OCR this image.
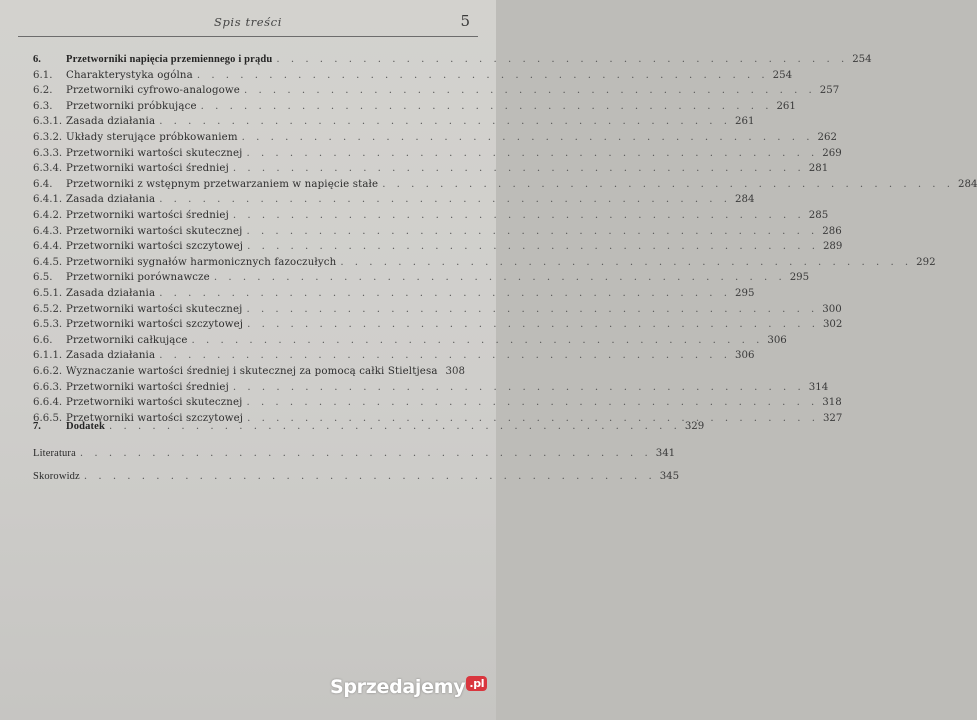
Spis treści	5
6.	Przetworniki napięcia przemiennego i prądu . . . . . . . . . . . . . . . . . . . . . . . . . . . . . . . . . . . . . . . . 254
6.1.	Charakterystyka ogólna . . . . . . . . . . . . . . . . . . . . . . . . . . . . . . . . . . . . . . . . 254
6.2.	Przetworniki cyfrowo-analogowe . . . . . . . . . . . . . . . . . . . . . . . . . . . . . . . . . . . . . . . . 257
6.3.	Przetworniki próbkujące . . . . . . . . . . . . . . . . . . . . . . . . . . . . . . . . . . . . . . . . 261
6.3.1. Zasada działania . . . . . . . . . . . . . . . . . . . . . . . . . . . . . . . . . . . . . . . . 261
6.3.2. Układy sterujące próbkowaniem . . . . . . . . . . . . . . . . . . . . . . . . . . . . . . . . . . . . . . . . 262
6.3.3. Przetworniki wartości skutecznej . . . . . . . . . . . . . . . . . . . . . . . . . . . . . . . . . . . . . . . . 269
6.3.4. Przetworniki wartości średniej . . . . . . . . . . . . . . . . . . . . . . . . . . . . . . . . . . . . . . . . 281
6.4.	Przetworniki z wstępnym przetwarzaniem w napięcie stałe . . . . . . . . . . . . . . . . . . . . . . . . . . . . . . . . . . . . . . . . 284
6.4.1. Zasada działania . . . . . . . . . . . . . . . . . . . . . . . . . . . . . . . . . . . . . . . . 284
6.4.2. Przetworniki wartości średniej . . . . . . . . . . . . . . . . . . . . . . . . . . . . . . . . . . . . . . . . 285
6.4.3. Przetworniki wartości skutecznej . . . . . . . . . . . . . . . . . . . . . . . . . . . . . . . . . . . . . . . . 286
6.4.4. Przetworniki wartości szczytowej . . . . . . . . . . . . . . . . . . . . . . . . . . . . . . . . . . . . . . . . 289
6.4.5. Przetworniki sygnałów harmonicznych fazoczułych . . . . . . . . . . . . . . . . . . . . . . . . . . . . . . . . . . . . . . . . 292
6.5.	Przetworniki porównawcze . . . . . . . . . . . . . . . . . . . . . . . . . . . . . . . . . . . . . . . . 295
6.5.1. Zasada działania . . . . . . . . . . . . . . . . . . . . . . . . . . . . . . . . . . . . . . . . 295
6.5.2. Przetworniki wartości skutecznej . . . . . . . . . . . . . . . . . . . . . . . . . . . . . . . . . . . . . . . . 300
6.5.3. Przetworniki wartości szczytowej . . . . . . . . . . . . . . . . . . . . . . . . . . . . . . . . . . . . . . . . 302
6.6.	Przetworniki całkujące . . . . . . . . . . . . . . . . . . . . . . . . . . . . . . . . . . . . . . . . 306
6.1.1. Zasada działania . . . . . . . . . . . . . . . . . . . . . . . . . . . . . . . . . . . . . . . . 306
6.6.2. Wyznaczanie wartości średniej i skutecznej za pomocą całki Stieltjesa 308
6.6.3. Przetworniki wartości średniej . . . . . . . . . . . . . . . . . . . . . . . . . . . . . . . . . . . . . . . . 314
6.6.4. Przetworniki wartości skutecznej . . . . . . . . . . . . . . . . . . . . . . . . . . . . . . . . . . . . . . . . 318
6.6.5. Przetworniki wartości szczytowej . . . . . . . . . . . . . . . . . . . . . . . . . . . . . . . . . . . . . . . . 327
7.	Dodatek . . . . . . . . . . . . . . . . . . . . . . . . . . . . . . . . . . . . . . . . 329
Literatura . . . . . . . . . . . . . . . . . . . . . . . . . . . . . . . . . . . . . . . . 341
Skorowidz . . . . . . . . . . . . . . . . . . . . . . . . . . . . . . . . . . . . . . . . 345
Sprzedajemy .pl
